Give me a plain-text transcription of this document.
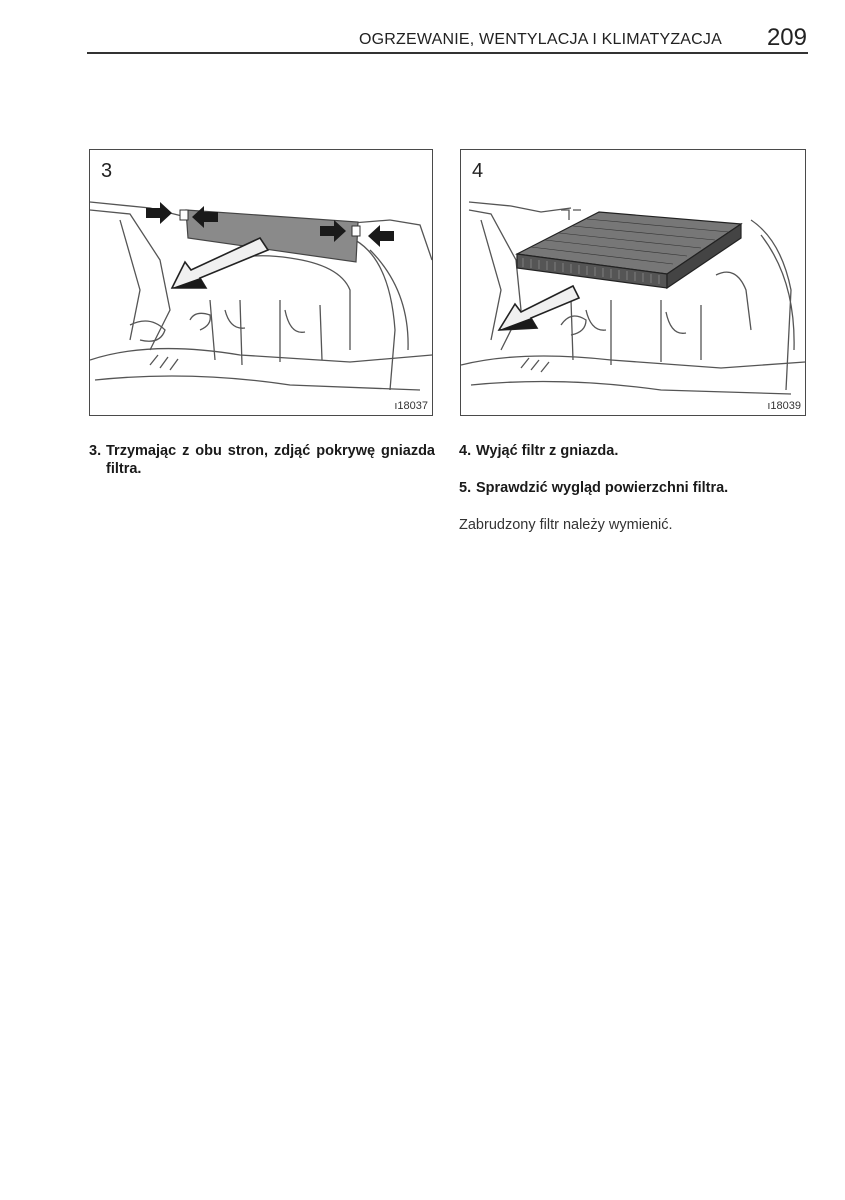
OGRZEWANIE, WENTYLACJA I KLIMATYZACJA 209
3
ı18037
4
ı18039
3. Trzymając z obu stron, zdjąć pokrywę gniazda filtra.
4. Wyjąć filtr z gniazda.
5. Sprawdzić wygląd powierzchni filtra.
Zabrudzony filtr należy wymienić.
